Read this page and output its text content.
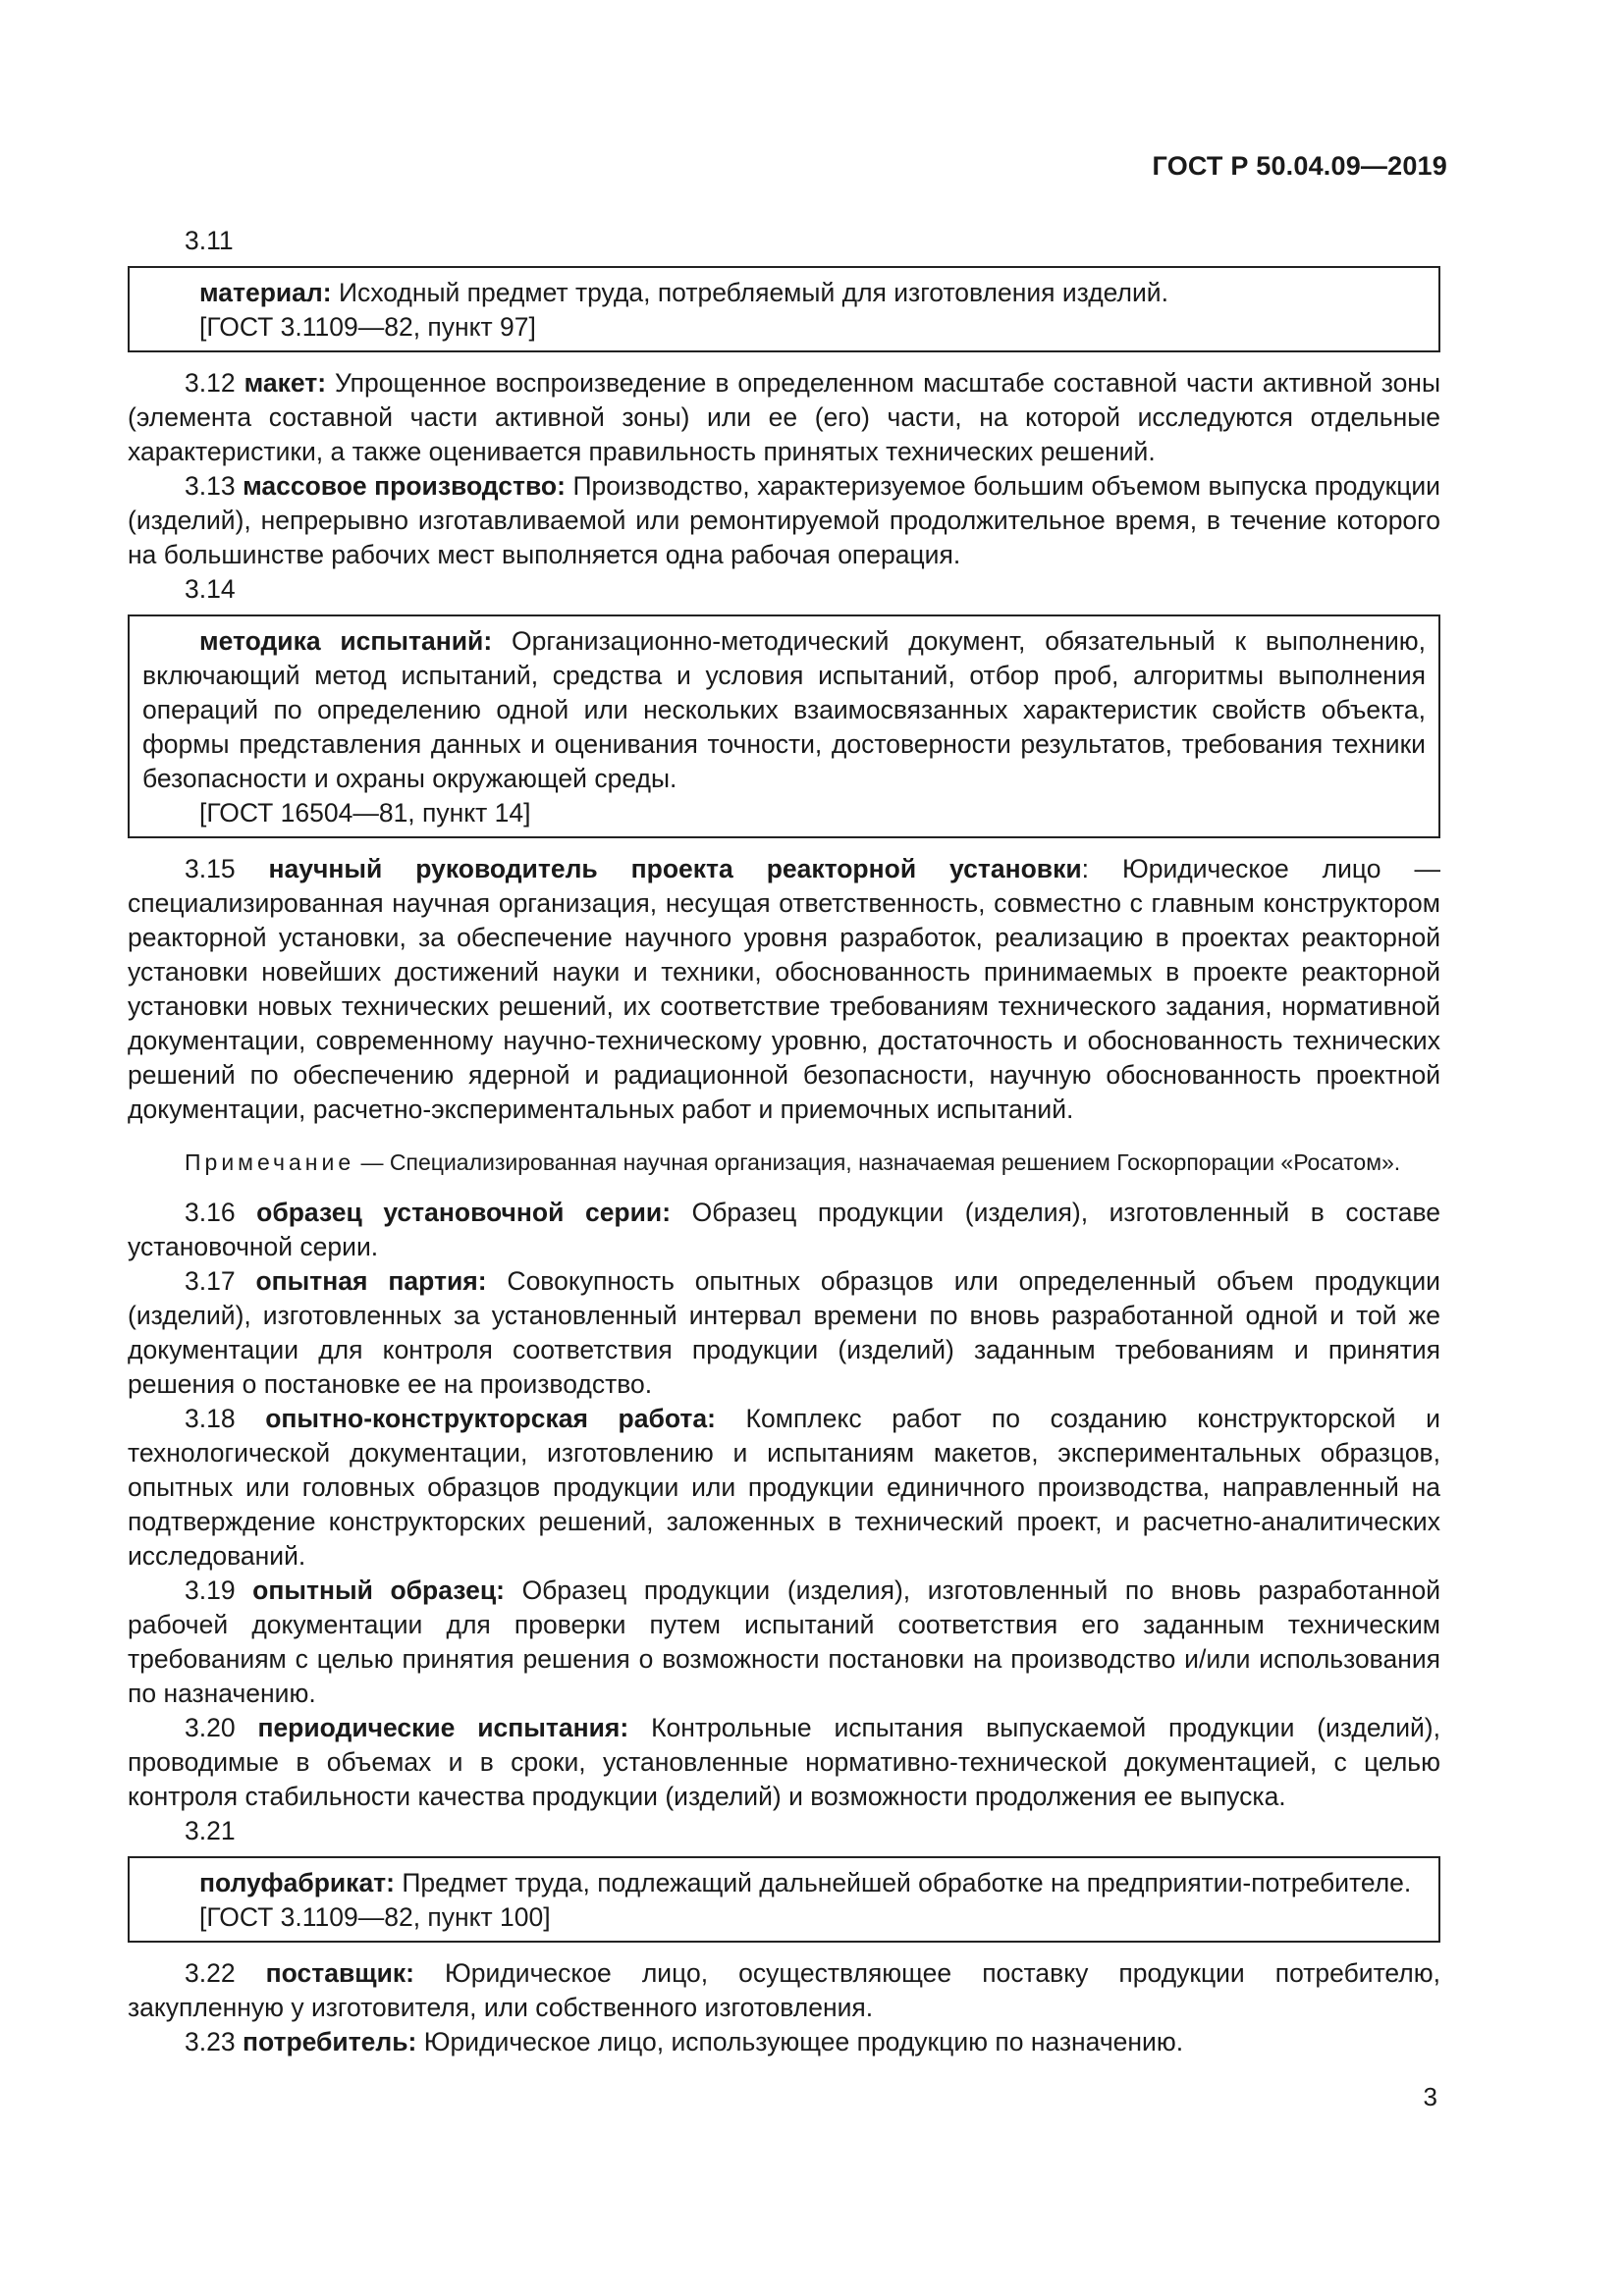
ГОСТ Р 50.04.09—2019
3.11

материал: Исходный предмет труда, потребляемый для изготовления изделий.

[ГОСТ 3.1109—82, пункт 97]

3.12 макет: Упрощенное воспроизведение в определенном масштабе составной части активной зоны (элемента составной части активной зоны) или ее (его) части, на которой исследуются отдельные характеристики, а также оценивается правильность принятых технических решений.

3.13 массовое производство: Производство, характеризуемое большим объемом выпуска продукции (изделий), непрерывно изготавливаемой или ремонтируемой продолжительное время, в течение которого на большинстве рабочих мест выполняется одна рабочая операция.

3.14

методика испытаний: Организационно-методический документ, обязательный к выполнению, включающий метод испытаний, средства и условия испытаний, отбор проб, алгоритмы выполнения операций по определению одной или нескольких взаимосвязанных характеристик свойств объекта, формы представления данных и оценивания точности, достоверности результатов, требования техники безопасности и охраны окружающей среды.

[ГОСТ 16504—81, пункт 14]

3.15 научный руководитель проекта реакторной установки: Юридическое лицо — специализированная научная организация, несущая ответственность, совместно с главным конструктором реакторной установки, за обеспечение научного уровня разработок, реализацию в проектах реакторной установки новейших достижений науки и техники, обоснованность принимаемых в проекте реакторной установки новых технических решений, их соответствие требованиям технического задания, нормативной документации, современному научно-техническому уровню, достаточность и обоснованность технических решений по обеспечению ядерной и радиационной безопасности, научную обоснованность проектной документации, расчетно-экспериментальных работ и приемочных испытаний.

Примечание — Специализированная научная организация, назначаемая решением Госкорпорации «Росатом».

3.16 образец установочной серии: Образец продукции (изделия), изготовленный в составе установочной серии.

3.17 опытная партия: Совокупность опытных образцов или определенный объем продукции (изделий), изготовленных за установленный интервал времени по вновь разработанной одной и той же документации для контроля соответствия продукции (изделий) заданным требованиям и принятия решения о постановке ее на производство.

3.18 опытно-конструкторская работа: Комплекс работ по созданию конструкторской и технологической документации, изготовлению и испытаниям макетов, экспериментальных образцов, опытных или головных образцов продукции или продукции единичного производства, направленный на подтверждение конструкторских решений, заложенных в технический проект, и расчетно-аналитических исследований.

3.19 опытный образец: Образец продукции (изделия), изготовленный по вновь разработанной рабочей документации для проверки путем испытаний соответствия его заданным техническим требованиям с целью принятия решения о возможности постановки на производство и/или использования по назначению.

3.20 периодические испытания: Контрольные испытания выпускаемой продукции (изделий), проводимые в объемах и в сроки, установленные нормативно-технической документацией, с целью контроля стабильности качества продукции (изделий) и возможности продолжения ее выпуска.

3.21

полуфабрикат: Предмет труда, подлежащий дальнейшей обработке на предприятии-потребителе.

[ГОСТ 3.1109—82, пункт 100]

3.22 поставщик: Юридическое лицо, осуществляющее поставку продукции потребителю, закупленную у изготовителя, или собственного изготовления.

3.23 потребитель: Юридическое лицо, использующее продукцию по назначению.

3
